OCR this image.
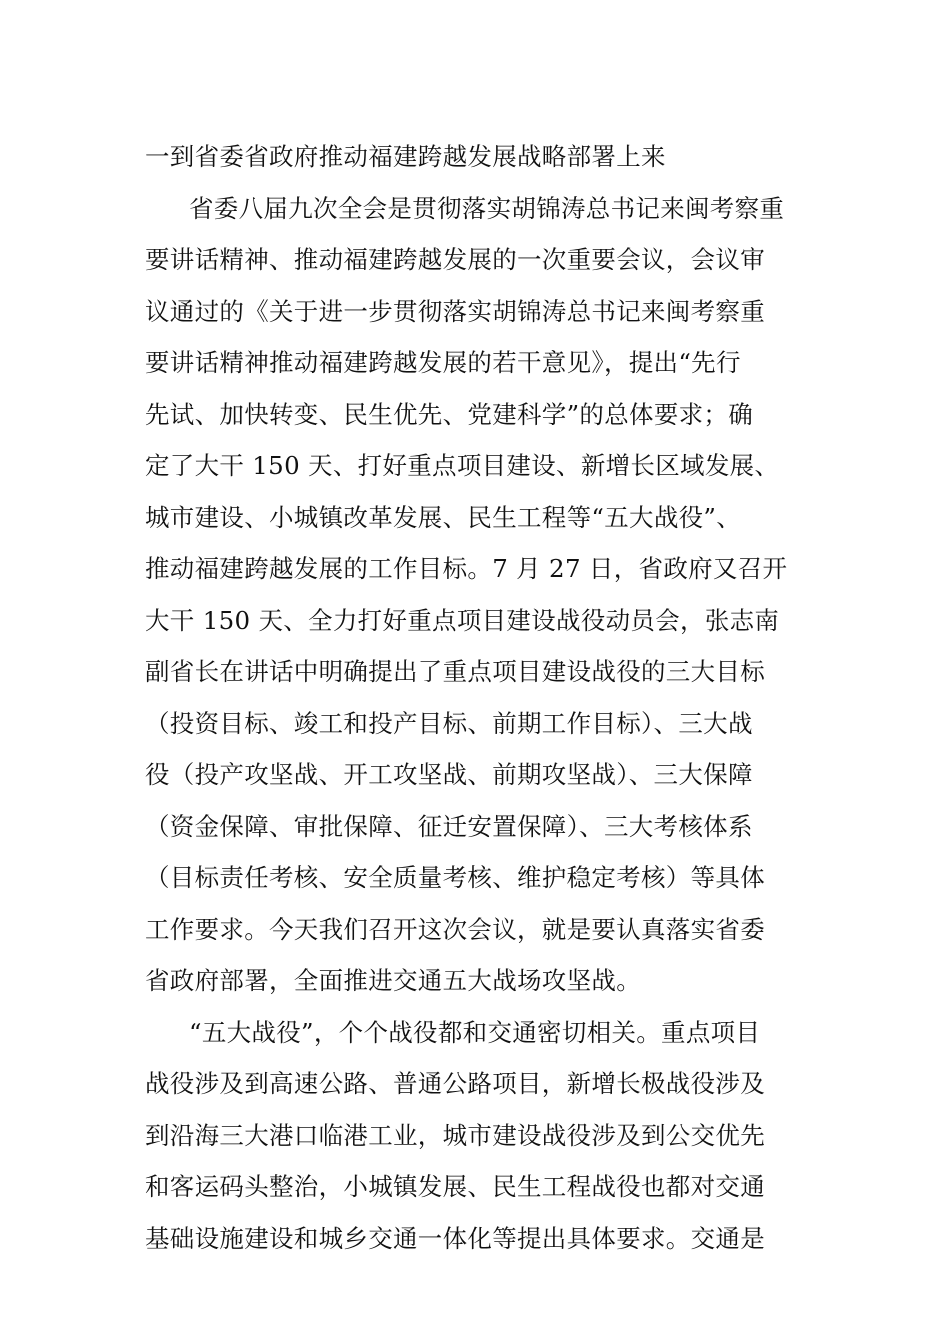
一到省委省政府推动福建跨越发展战略部署上来
省委八届九次全会是贯彻落实胡锦涛总书记来闽考察重
要讲话精神、推动福建跨越发展的一次重要会议，会议审
议通过的《关于进一步贯彻落实胡锦涛总书记来闽考察重
要讲话精神推动福建跨越发展的若干意见》，提出“先行
先试、加快转变、民生优先、党建科学”的总体要求；确
定了大干 150 天、打好重点项目建设、新增长区域发展、
城市建设、小城镇改革发展、民生工程等“五大战役”、
推动福建跨越发展的工作目标。7 月 27 日，省政府又召开
大干 150 天、全力打好重点项目建设战役动员会，张志南
副省长在讲话中明确提出了重点项目建设战役的三大目标
（投资目标、竣工和投产目标、前期工作目标）、三大战
役（投产攻坚战、开工攻坚战、前期攻坚战）、三大保障
（资金保障、审批保障、征迁安置保障）、三大考核体系
（目标责任考核、安全质量考核、维护稳定考核）等具体
工作要求。今天我们召开这次会议，就是要认真落实省委
省政府部署，全面推进交通五大战场攻坚战。
“五大战役”，个个战役都和交通密切相关。重点项目
战役涉及到高速公路、普通公路项目，新增长极战役涉及
到沿海三大港口临港工业，城市建设战役涉及到公交优先
和客运码头整治，小城镇发展、民生工程战役也都对交通
基础设施建设和城乡交通一体化等提出具体要求。交通是
